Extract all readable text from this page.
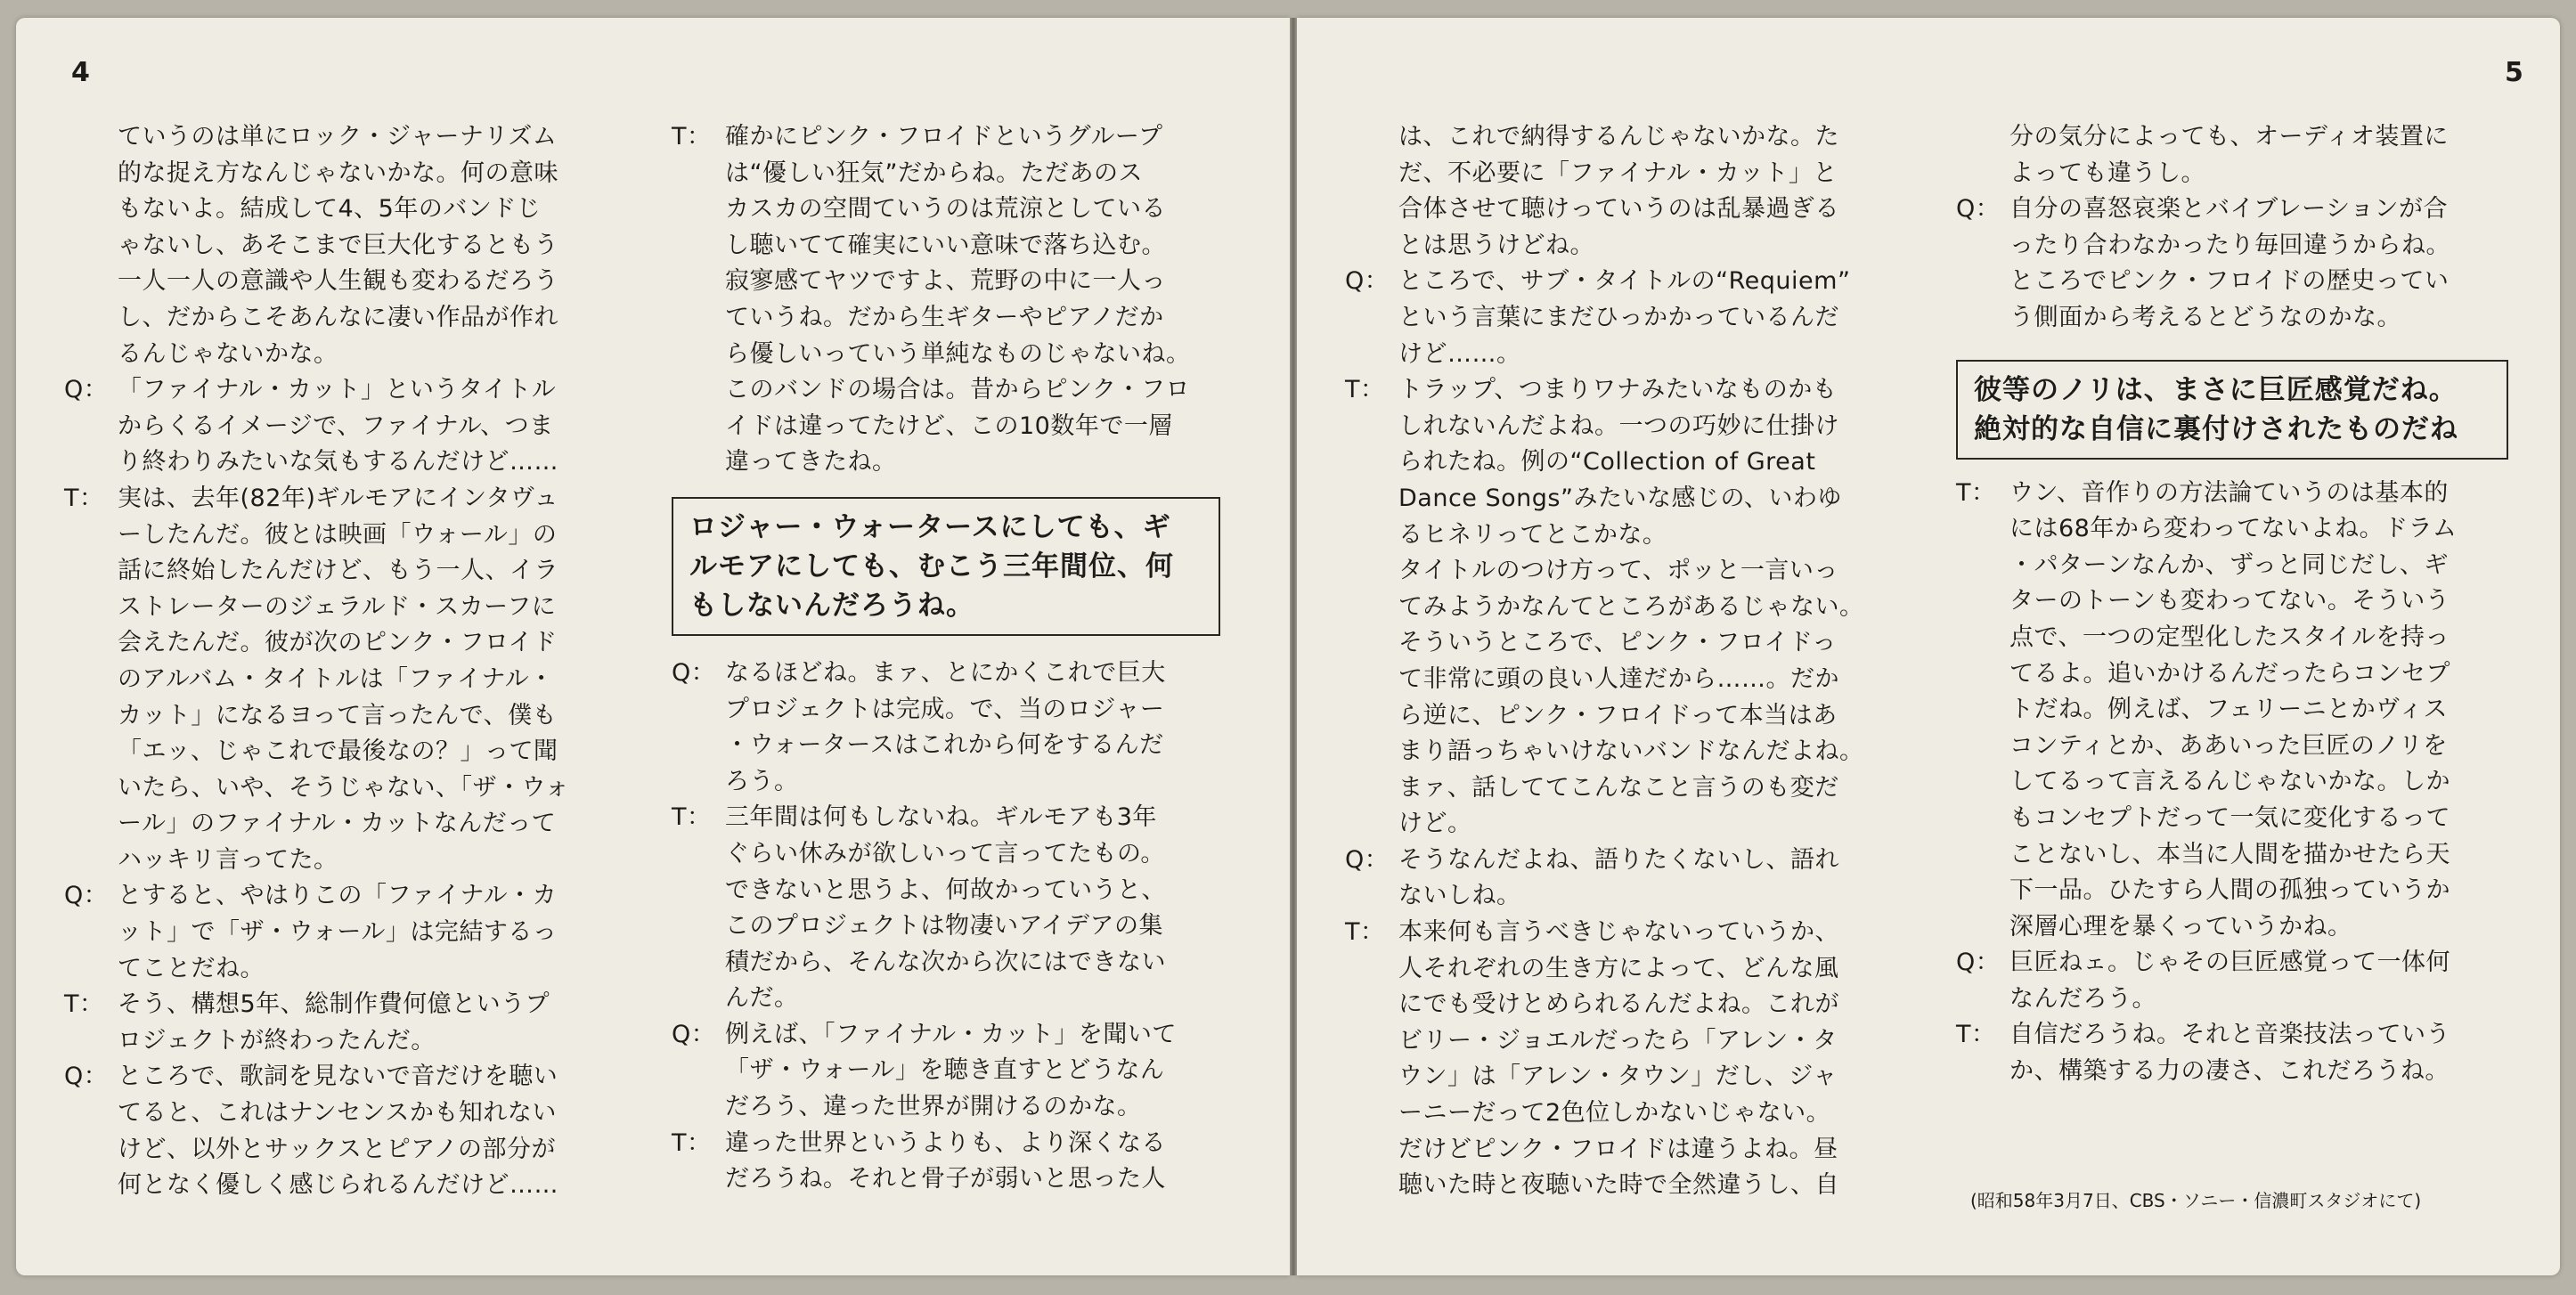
4	5
ていうのは単にロック・ジャーナリズム
的な捉え方なんじゃないかな。何の意味
もないよ。結成して4、5年のバンドじ
ゃないし、あそこまで巨大化するともう
一人一人の意識や人生観も変わるだろう
し、だからこそあんなに凄い作品が作れ
るんじゃないかな。
Q： 「ファイナル・カット」というタイトル
からくるイメージで、ファイナル、つま
り終わりみたいな気もするんだけど……
T： 実は、去年(82年)ギルモアにインタヴュ
ーしたんだ。彼とは映画「ウォール」の
話に終始したんだけど、もう一人、イラ
ストレーターのジェラルド・スカーフに
会えたんだ。彼が次のピンク・フロイド
のアルバム・タイトルは「ファイナル・
カット」になるヨって言ったんで、僕も
「エッ、じゃこれで最後なの？」って聞
いたら、いや、そうじゃない、「ザ・ウォ
ール」のファイナル・カットなんだって
ハッキリ言ってた。
Q： とすると、やはりこの「ファイナル・カ
ット」で「ザ・ウォール」は完結するっ
てことだね。
T： そう、構想5年、総制作費何億というプ
ロジェクトが終わったんだ。
Q： ところで、歌詞を見ないで音だけを聴い
てると、これはナンセンスかも知れない
けど、以外とサックスとピアノの部分が
何となく優しく感じられるんだけど……
T： 確かにピンク・フロイドというグループ
は“優しい狂気”だからね。ただあのス
カスカの空間ていうのは荒涼としている
し聴いてて確実にいい意味で落ち込む。
寂寥感てヤツですよ、荒野の中に一人っ
ていうね。だから生ギターやピアノだか
ら優しいっていう単純なものじゃないね。
このバンドの場合は。昔からピンク・フロ
イドは違ってたけど、この10数年で一層
違ってきたね。
ロジャー・ウォータースにしても、ギ
ルモアにしても、むこう三年間位、何
もしないんだろうね。
Q： なるほどね。まァ、とにかくこれで巨大
プロジェクトは完成。で、当のロジャー
・ウォータースはこれから何をするんだ
ろう。
T： 三年間は何もしないね。ギルモアも3年
ぐらい休みが欲しいって言ってたもの。
できないと思うよ、何故かっていうと、
このプロジェクトは物凄いアイデアの集
積だから、そんな次から次にはできない
んだ。
Q： 例えば、「ファイナル・カット」を聞いて
「ザ・ウォール」を聴き直すとどうなん
だろう、違った世界が開けるのかな。
T： 違った世界というよりも、より深くなる
だろうね。それと骨子が弱いと思った人
は、これで納得するんじゃないかな。た
だ、不必要に「ファイナル・カット」と
合体させて聴けっていうのは乱暴過ぎる
とは思うけどね。
Q： ところで、サブ・タイトルの“Requiem”
という言葉にまだひっかかっているんだ
けど……。
T： トラップ、つまりワナみたいなものかも
しれないんだよね。一つの巧妙に仕掛け
られたね。例の“Collection of Great
Dance Songs”みたいな感じの、いわゆ
るヒネリってとこかな。
タイトルのつけ方って、ポッと一言いっ
てみようかなんてところがあるじゃない。
そういうところで、ピンク・フロイドっ
て非常に頭の良い人達だから……。だか
ら逆に、ピンク・フロイドって本当はあ
まり語っちゃいけないバンドなんだよね。
まァ、話しててこんなこと言うのも変だ
けど。
Q： そうなんだよね、語りたくないし、語れ
ないしね。
T： 本来何も言うべきじゃないっていうか、
人それぞれの生き方によって、どんな風
にでも受けとめられるんだよね。これが
ビリー・ジョエルだったら「アレン・タ
ウン」は「アレン・タウン」だし、ジャ
ーニーだって2色位しかないじゃない。
だけどピンク・フロイドは違うよね。昼
聴いた時と夜聴いた時で全然違うし、自
分の気分によっても、オーディオ装置に
よっても違うし。
Q： 自分の喜怒哀楽とバイブレーションが合
ったり合わなかったり毎回違うからね。
ところでピンク・フロイドの歴史ってい
う側面から考えるとどうなのかな。
彼等のノリは、まさに巨匠感覚だね。
絶対的な自信に裏付けされたものだね
T： ウン、音作りの方法論ていうのは基本的
には68年から変わってないよね。ドラム
・パターンなんか、ずっと同じだし、ギ
ターのトーンも変わってない。そういう
点で、一つの定型化したスタイルを持っ
てるよ。追いかけるんだったらコンセプ
トだね。例えば、フェリーニとかヴィス
コンティとか、ああいった巨匠のノリを
してるって言えるんじゃないかな。しか
もコンセプトだって一気に変化するって
ことないし、本当に人間を描かせたら天
下一品。ひたすら人間の孤独っていうか
深層心理を暴くっていうかね。
Q： 巨匠ねェ。じゃその巨匠感覚って一体何
なんだろう。
T： 自信だろうね。それと音楽技法っていう
か、構築する力の凄さ、これだろうね。
(昭和58年3月7日、CBS・ソニー・信濃町スタジオにて)
